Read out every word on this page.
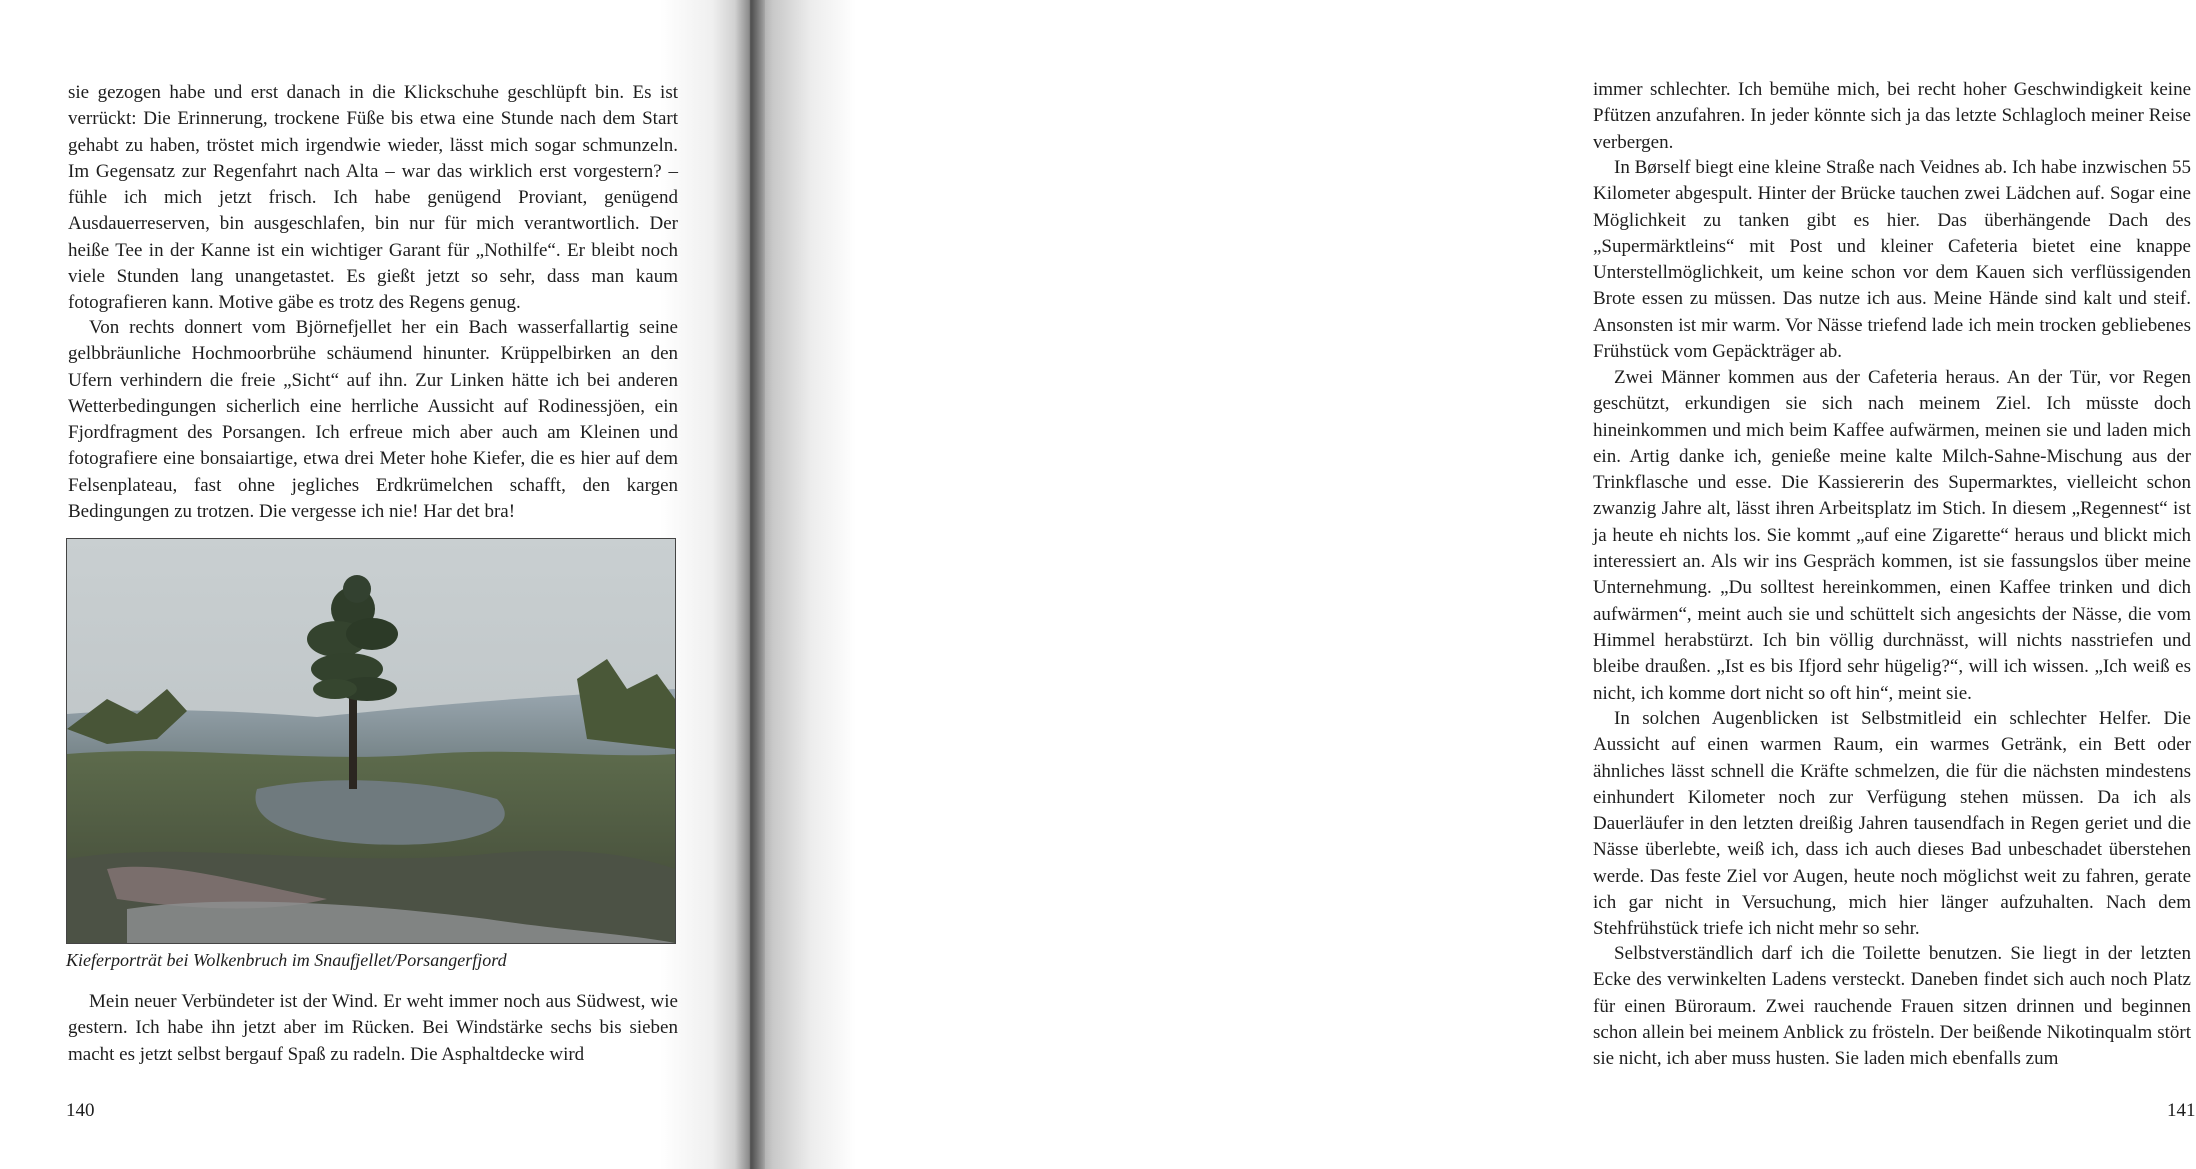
sie gezogen habe und erst danach in die Klickschuhe geschlüpft bin. Es ist verrückt: Die Erinnerung, trockene Füße bis etwa eine Stunde nach dem Start gehabt zu haben, tröstet mich irgendwie wieder, lässt mich sogar schmunzeln. Im Gegensatz zur Regenfahrt nach Alta – war das wirklich erst vorgestern? – fühle ich mich jetzt frisch. Ich habe genügend Proviant, genügend Ausdauerreserven, bin ausgeschlafen, bin nur für mich verantwortlich. Der heiße Tee in der Kanne ist ein wichtiger Garant für „Nothilfe“. Er bleibt noch viele Stunden lang unangetastet. Es gießt jetzt so sehr, dass man kaum fotografieren kann. Motive gäbe es trotz des Regens genug.

Von rechts donnert vom Björnefjellet her ein Bach wasserfallartig seine gelbbräunliche Hochmoorbrühe schäumend hinunter. Krüppelbirken an den Ufern verhindern die freie „Sicht“ auf ihn. Zur Linken hätte ich bei anderen Wetterbedingungen sicherlich eine herrliche Aussicht auf Rodinessjöen, ein Fjordfragment des Porsangen. Ich erfreue mich aber auch am Kleinen und fotografiere eine bonsaiartige, etwa drei Meter hohe Kiefer, die es hier auf dem Felsenplateau, fast ohne jegliches Erdkrümelchen schafft, den kargen Bedingungen zu trotzen. Die vergesse ich nie! Har det bra!

Kieferporträt bei Wolkenbruch im Snaufjellet/Porsangerfjord

Mein neuer Verbündeter ist der Wind. Er weht immer noch aus Südwest, wie gestern. Ich habe ihn jetzt aber im Rücken. Bei Windstärke sechs bis sieben macht es jetzt selbst bergauf Spaß zu radeln. Die Asphaltdecke wird

140

immer schlechter. Ich bemühe mich, bei recht hoher Geschwindigkeit keine Pfützen anzufahren. In jeder könnte sich ja das letzte Schlagloch meiner Reise verbergen.

In Børself biegt eine kleine Straße nach Veidnes ab. Ich habe inzwischen 55 Kilometer abgespult. Hinter der Brücke tauchen zwei Lädchen auf. Sogar eine Möglichkeit zu tanken gibt es hier. Das überhängende Dach des „Supermärktleins“ mit Post und kleiner Cafeteria bietet eine knappe Unterstellmöglichkeit, um keine schon vor dem Kauen sich verflüssigenden Brote essen zu müssen. Das nutze ich aus. Meine Hände sind kalt und steif. Ansonsten ist mir warm. Vor Nässe triefend lade ich mein trocken gebliebenes Frühstück vom Gepäckträger ab.

Zwei Männer kommen aus der Cafeteria heraus. An der Tür, vor Regen geschützt, erkundigen sie sich nach meinem Ziel. Ich müsste doch hineinkommen und mich beim Kaffee aufwärmen, meinen sie und laden mich ein. Artig danke ich, genieße meine kalte Milch-Sahne-Mischung aus der Trinkflasche und esse. Die Kassiererin des Supermarktes, vielleicht schon zwanzig Jahre alt, lässt ihren Arbeitsplatz im Stich. In diesem „Regennest“ ist ja heute eh nichts los. Sie kommt „auf eine Zigarette“ heraus und blickt mich interessiert an. Als wir ins Gespräch kommen, ist sie fassungslos über meine Unternehmung. „Du solltest hereinkommen, einen Kaffee trinken und dich aufwärmen“, meint auch sie und schüttelt sich angesichts der Nässe, die vom Himmel herabstürzt. Ich bin völlig durchnässt, will nichts nasstriefen und bleibe draußen. „Ist es bis Ifjord sehr hügelig?“, will ich wissen. „Ich weiß es nicht, ich komme dort nicht so oft hin“, meint sie.

In solchen Augenblicken ist Selbstmitleid ein schlechter Helfer. Die Aussicht auf einen warmen Raum, ein warmes Getränk, ein Bett oder ähnliches lässt schnell die Kräfte schmelzen, die für die nächsten mindestens einhundert Kilometer noch zur Verfügung stehen müssen. Da ich als Dauerläufer in den letzten dreißig Jahren tausendfach in Regen geriet und die Nässe überlebte, weiß ich, dass ich auch dieses Bad unbeschadet überstehen werde. Das feste Ziel vor Augen, heute noch möglichst weit zu fahren, gerate ich gar nicht in Versuchung, mich hier länger aufzuhalten. Nach dem Stehfrühstück triefe ich nicht mehr so sehr.

Selbstverständlich darf ich die Toilette benutzen. Sie liegt in der letzten Ecke des verwinkelten Ladens versteckt. Daneben findet sich auch noch Platz für einen Büroraum. Zwei rauchende Frauen sitzen drinnen und beginnen schon allein bei meinem Anblick zu frösteln. Der beißende Nikotinqualm stört sie nicht, ich aber muss husten. Sie laden mich ebenfalls zum

141
